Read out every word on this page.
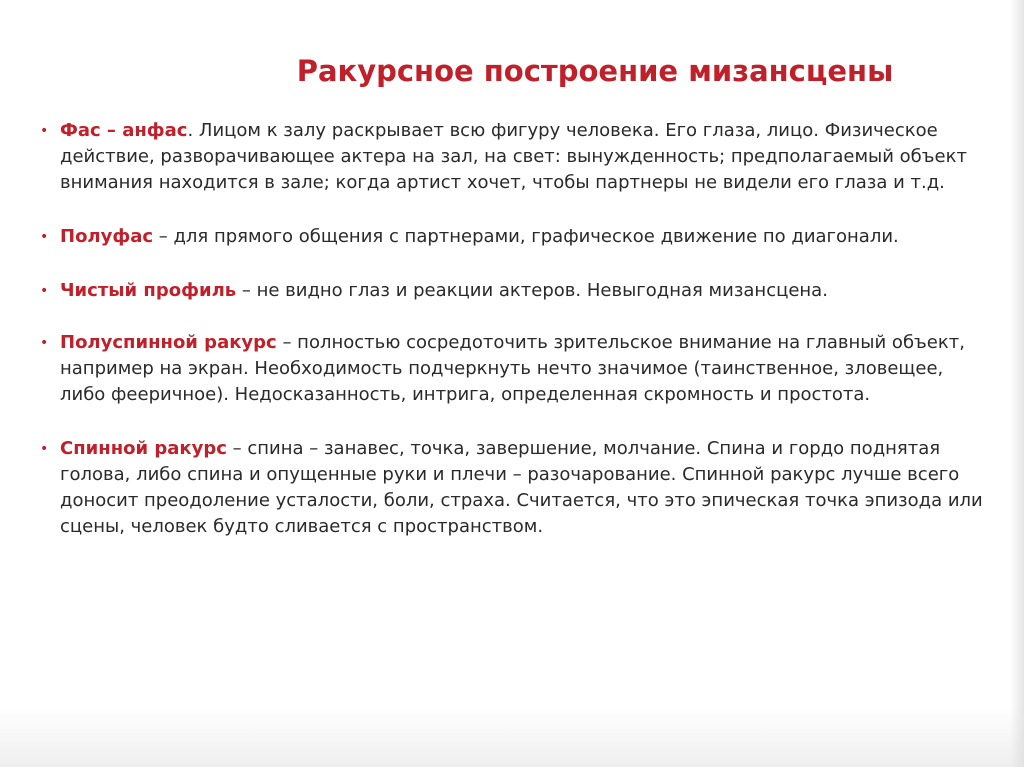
Ракурсное построение мизансцены
• Фас – анфас. Лицом к залу раскрывает всю фигуру человека. Его глаза, лицо. Физическое действие, разворачивающее актера на зал, на свет: вынужденность; предполагаемый объект внимания находится в зале; когда артист хочет, чтобы партнеры не видели его глаза и т.д.
• Полуфас – для прямого общения с партнерами, графическое движение по диагонали.
• Чистый профиль – не видно глаз и реакции актеров. Невыгодная мизансцена.
• Полуспинной ракурс – полностью сосредоточить зрительское внимание на главный объект, например на экран. Необходимость подчеркнуть нечто значимое (таинственное, зловещее, либо фееричное). Недосказанность, интрига, определенная скромность и простота.
• Спинной ракурс – спина – занавес, точка, завершение, молчание. Спина и гордо поднятая голова, либо спина и опущенные руки и плечи – разочарование. Спинной ракурс лучше всего доносит преодоление усталости, боли, страха. Считается, что это эпическая точка эпизода или сцены, человек будто сливается с пространством.
